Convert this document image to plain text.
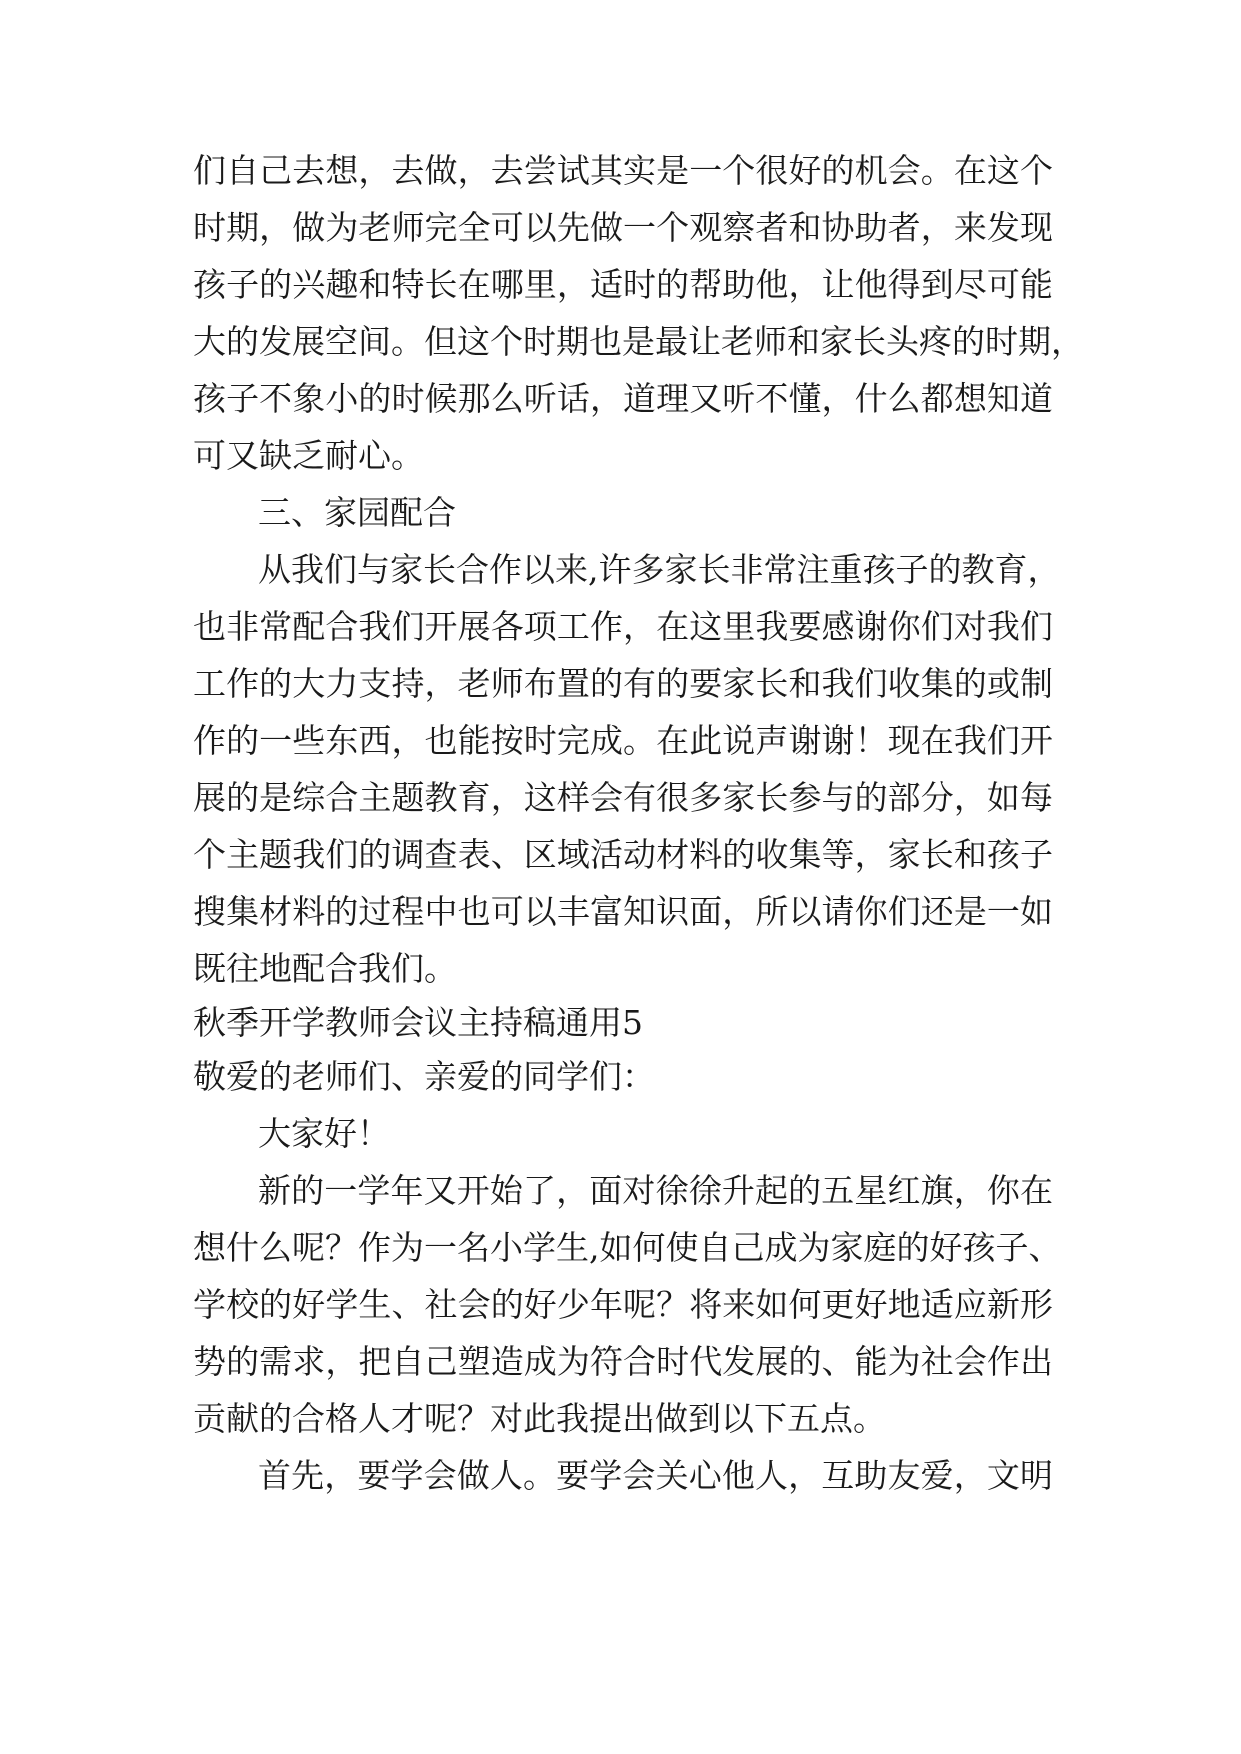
们自己去想，去做，去尝试其实是一个很好的机会。在这个
时期，做为老师完全可以先做一个观察者和协助者，来发现
孩子的兴趣和特长在哪里，适时的帮助他，让他得到尽可能
大的发展空间。但这个时期也是最让老师和家长头疼的时期，
孩子不象小的时候那么听话，道理又听不懂，什么都想知道
可又缺乏耐心。
三、家园配合
从我们与家长合作以来,许多家长非常注重孩子的教育，
也非常配合我们开展各项工作，在这里我要感谢你们对我们
工作的大力支持，老师布置的有的要家长和我们收集的或制
作的一些东西，也能按时完成。在此说声谢谢！现在我们开
展的是综合主题教育，这样会有很多家长参与的部分，如每
个主题我们的调查表、区域活动材料的收集等，家长和孩子
搜集材料的过程中也可以丰富知识面，所以请你们还是一如
既往地配合我们。
秋季开学教师会议主持稿通用5
敬爱的老师们、亲爱的同学们：
大家好！
新的一学年又开始了，面对徐徐升起的五星红旗，你在
想什么呢？作为一名小学生,如何使自己成为家庭的好孩子、
学校的好学生、社会的好少年呢？将来如何更好地适应新形
势的需求，把自己塑造成为符合时代发展的、能为社会作出
贡献的合格人才呢？对此我提出做到以下五点。
首先，要学会做人。要学会关心他人，互助友爱，文明
